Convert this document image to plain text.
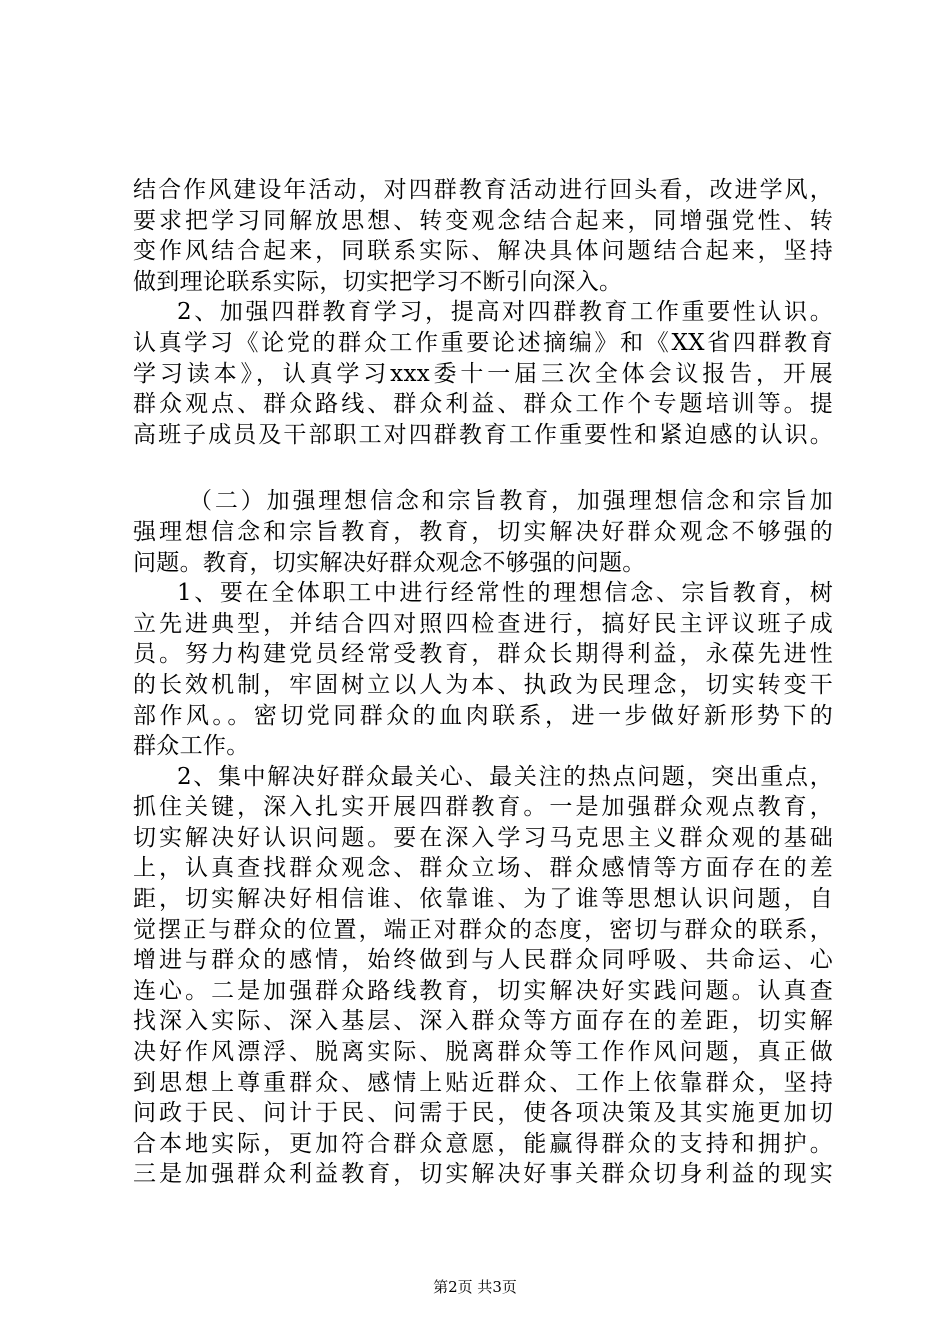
结合作风建设年活动，对四群教育活动进行回头看，改进学风，
要求把学习同解放思想、转变观念结合起来，同增强党性、转
变作风结合起来，同联系实际、解决具体问题结合起来，坚持
做到理论联系实际，切实把学习不断引向深入。
2、加强四群教育学习，提高对四群教育工作重要性认识。
认真学习《论党的群众工作重要论述摘编》和《XX省四群教育
学习读本》，认真学习xxx委十一届三次全体会议报告，开展
群众观点、群众路线、群众利益、群众工作个专题培训等。提
高班子成员及干部职工对四群教育工作重要性和紧迫感的认识。
（二）加强理想信念和宗旨教育，加强理想信念和宗旨加
强理想信念和宗旨教育，教育，切实解决好群众观念不够强的
问题。教育，切实解决好群众观念不够强的问题。
1、要在全体职工中进行经常性的理想信念、宗旨教育，树
立先进典型，并结合四对照四检查进行，搞好民主评议班子成
员。努力构建党员经常受教育，群众长期得利益，永葆先进性
的长效机制，牢固树立以人为本、执政为民理念，切实转变干
部作风。。密切党同群众的血肉联系，进一步做好新形势下的
群众工作。
2、集中解决好群众最关心、最关注的热点问题，突出重点，
抓住关键，深入扎实开展四群教育。一是加强群众观点教育，
切实解决好认识问题。要在深入学习马克思主义群众观的基础
上，认真查找群众观念、群众立场、群众感情等方面存在的差
距，切实解决好相信谁、依靠谁、为了谁等思想认识问题，自
觉摆正与群众的位置，端正对群众的态度，密切与群众的联系，
增进与群众的感情，始终做到与人民群众同呼吸、共命运、心
连心。二是加强群众路线教育，切实解决好实践问题。认真查
找深入实际、深入基层、深入群众等方面存在的差距，切实解
决好作风漂浮、脱离实际、脱离群众等工作作风问题，真正做
到思想上尊重群众、感情上贴近群众、工作上依靠群众，坚持
问政于民、问计于民、问需于民，使各项决策及其实施更加切
合本地实际，更加符合群众意愿，能赢得群众的支持和拥护。
三是加强群众利益教育，切实解决好事关群众切身利益的现实
第2页 共3页
